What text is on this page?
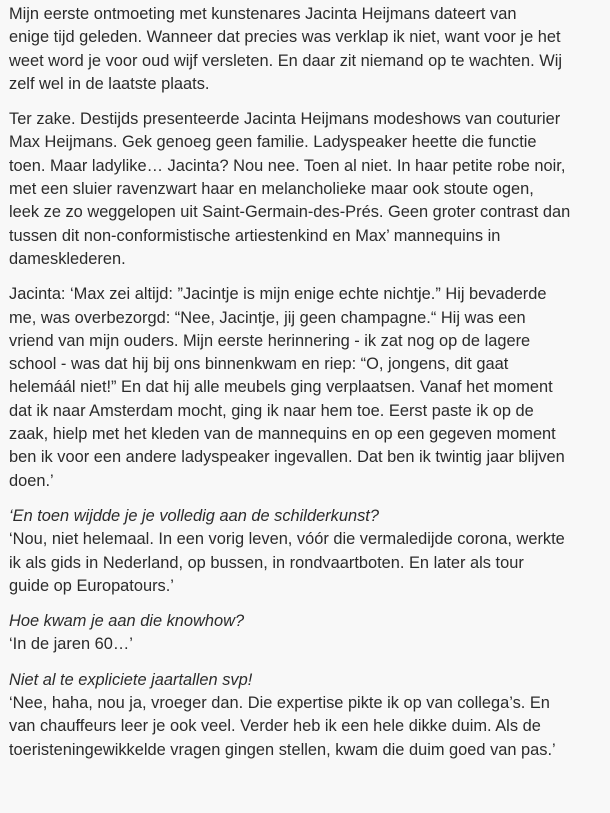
Mijn eerste ontmoeting met kunstenares Jacinta Heijmans dateert van
enige tijd geleden. Wanneer dat precies was verklap ik niet, want voor je het
weet word je voor oud wijf versleten. En daar zit niemand op te wachten. Wij
zelf wel in de laatste plaats.

Ter zake. Destijds presenteerde Jacinta Heijmans modeshows van couturier
Max Heijmans. Gek genoeg geen familie. Ladyspeaker heette die functie
toen. Maar ladylike… Jacinta? Nou nee. Toen al niet. In haar petite robe noir,
met een sluier ravenzwart haar en melancholieke maar ook stoute ogen,
leek ze zo weggelopen uit Saint-Germain-des-Prés. Geen groter contrast dan
tussen dit non-conformistische artiestenkind en Max’ mannequins in
damesklederen.

Jacinta: ‘Max zei altijd: ”Jacintje is mijn enige echte nichtje.” Hij bevaderde
me, was overbezorgd: “Nee, Jacintje, jij geen champagne.“ Hij was een
vriend van mijn ouders. Mijn eerste herinnering - ik zat nog op de lagere
school - was dat hij bij ons binnenkwam en riep: “O, jongens, dit gaat
helemáál niet!” En dat hij alle meubels ging verplaatsen. Vanaf het moment
dat ik naar Amsterdam mocht, ging ik naar hem toe. Eerst paste ik op de
zaak, hielp met het kleden van de mannequins en op een gegeven moment
ben ik voor een andere ladyspeaker ingevallen. Dat ben ik twintig jaar blijven
doen.’

‘En toen wijdde je je volledig aan de schilderkunst?

‘Nou, niet helemaal. In een vorig leven, vóór die vermaledijde corona, werkte
ik als gids in Nederland, op bussen, in rondvaartboten. En later als tour
guide op Europatours.’

Hoe kwam je aan die knowhow?

‘In de jaren 60…’

Niet al te expliciete jaartallen svp!

‘Nee, haha, nou ja, vroeger dan. Die expertise pikte ik op van collega’s. En
van chauffeurs leer je ook veel. Verder heb ik een hele dikke duim. Als de
toeristeningewikkelde vragen gingen stellen, kwam die duim goed van pas.’
